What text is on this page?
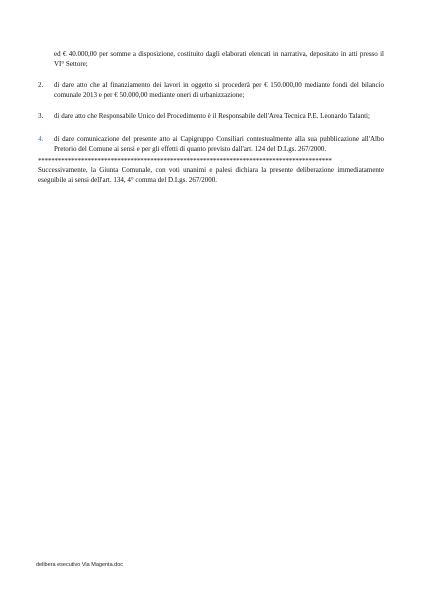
ed € 40.000,00 per somme a disposizione, costituito dagli elaborati elencati in narrativa, depositato in atti presso il VI° Settore;
2.	di dare atto che al finanziamento dei lavori in oggetto si procederà per € 150.000,00 mediante fondi del bilancio comunale 2013 e per € 50.000,00 mediante oneri di urbanizzazione;
3.	di dare atto che Responsabile Unico del Procedimento è il Responsabile dell'Area Tecnica P.E. Leonardo Talanti;
4.	di dare comunicazione del presente atto ai Capigruppo Consiliari contestualmente alla sua pubblicazione all'Albo Pretorio del Comune ai sensi e per gli effetti di quanto previsto dall'art. 124 del D.Lgs. 267/2000.
*****************************************************************************************
Successivamente, la Giunta Comunale, con voti unanimi e palesi dichiara la presente deliberazione immediatamente eseguibile ai sensi dell'art. 134, 4° comma del D.Lgs. 267/2000.
delibera esecutivo Via Magenta.doc
